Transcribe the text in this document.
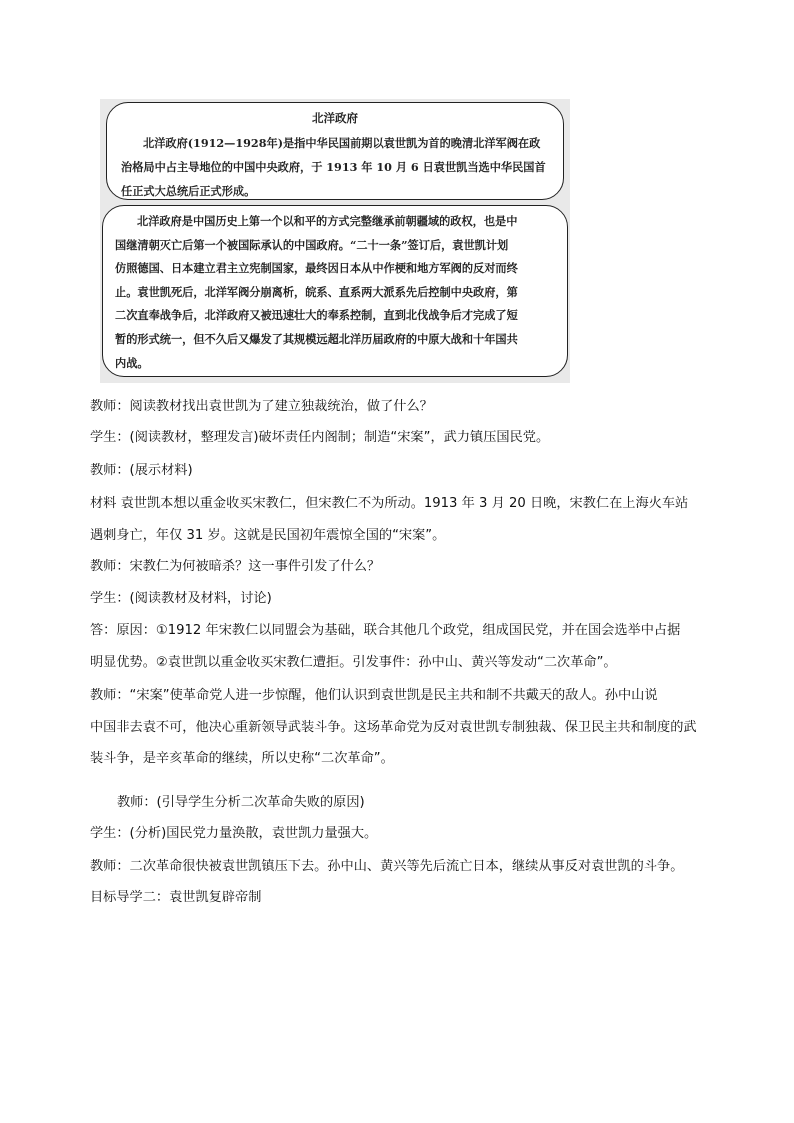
北洋政府
北洋政府(1912—1928年)是指中华民国前期以袁世凯为首的晚清北洋军阀在政
治格局中占主导地位的中国中央政府，于 1913 年 10 月 6 日袁世凯当选中华民国首
任正式大总统后正式形成。
北洋政府是中国历史上第一个以和平的方式完整继承前朝疆域的政权，也是中
国继清朝灭亡后第一个被国际承认的中国政府。“二十一条”签订后，袁世凯计划
仿照德国、日本建立君主立宪制国家，最终因日本从中作梗和地方军阀的反对而终
止。袁世凯死后，北洋军阀分崩离析，皖系、直系两大派系先后控制中央政府，第
二次直奉战争后，北洋政府又被迅速壮大的奉系控制，直到北伐战争后才完成了短
暂的形式统一，但不久后又爆发了其规模远超北洋历届政府的中原大战和十年国共
内战。
教师：阅读教材找出袁世凯为了建立独裁统治，做了什么？
学生：(阅读教材，整理发言)破坏责任内阁制；制造“宋案”，武力镇压国民党。
教师：(展示材料)
材料 袁世凯本想以重金收买宋教仁，但宋教仁不为所动。1913 年 3 月 20 日晚，宋教仁在上海火车站
遇刺身亡，年仅 31 岁。这就是民国初年震惊全国的“宋案”。
教师：宋教仁为何被暗杀？这一事件引发了什么？
学生：(阅读教材及材料，讨论)
答：原因：①1912 年宋教仁以同盟会为基础，联合其他几个政党，组成国民党，并在国会选举中占据
明显优势。②袁世凯以重金收买宋教仁遭拒。引发事件：孙中山、黄兴等发动“二次革命”。
教师：“宋案”使革命党人进一步惊醒，他们认识到袁世凯是民主共和制不共戴天的敌人。孙中山说
中国非去袁不可，他决心重新领导武装斗争。这场革命党为反对袁世凯专制独裁、保卫民主共和制度的武
装斗争，是辛亥革命的继续，所以史称“二次革命”。
教师：(引导学生分析二次革命失败的原因)
学生：(分析)国民党力量涣散，袁世凯力量强大。
教师：二次革命很快被袁世凯镇压下去。孙中山、黄兴等先后流亡日本，继续从事反对袁世凯的斗争。
目标导学二：袁世凯复辟帝制
